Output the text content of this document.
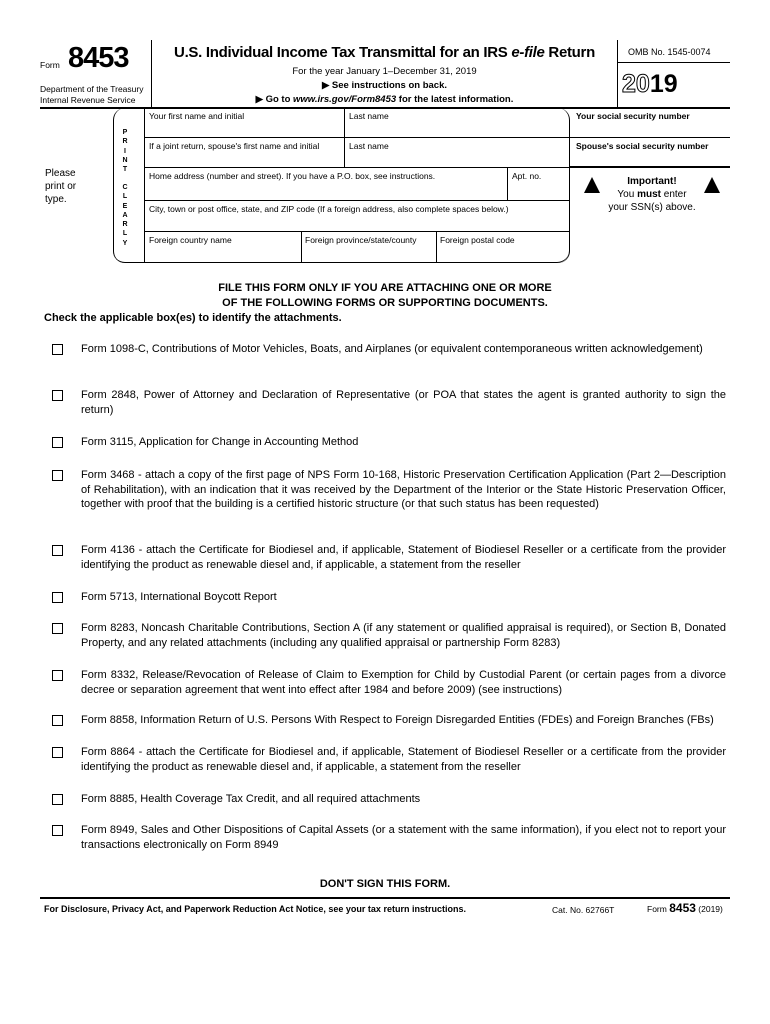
Form 8453
Department of the Treasury
Internal Revenue Service
U.S. Individual Income Tax Transmittal for an IRS e-file Return
For the year January 1–December 31, 2019
▶ See instructions on back.
▶ Go to www.irs.gov/Form8453 for the latest information.
OMB No. 1545-0074
2019
Please print or type.
P R I N T
C L E A R L Y
Your first name and initial	Last name
If a joint return, spouse's first name and initial	Last name
Home address (number and street). If you have a P.O. box, see instructions.	Apt. no.
City, town or post office, state, and ZIP code (If a foreign address, also complete spaces below.)
Foreign country name	Foreign province/state/county	Foreign postal code
Your social security number
Spouse's social security number
Important!
You must enter
your SSN(s) above.
FILE THIS FORM ONLY IF YOU ARE ATTACHING ONE OR MORE
OF THE FOLLOWING FORMS OR SUPPORTING DOCUMENTS.
Check the applicable box(es) to identify the attachments.
Form 1098-C, Contributions of Motor Vehicles, Boats, and Airplanes (or equivalent contemporaneous written acknowledgement)
Form 2848, Power of Attorney and Declaration of Representative (or POA that states the agent is granted authority to sign the return)
Form 3115, Application for Change in Accounting Method
Form 3468 - attach a copy of the first page of NPS Form 10-168, Historic Preservation Certification Application (Part 2—Description of Rehabilitation), with an indication that it was received by the Department of the Interior or the State Historic Preservation Officer, together with proof that the building is a certified historic structure (or that such status has been requested)
Form 4136 - attach the Certificate for Biodiesel and, if applicable, Statement of Biodiesel Reseller or a certificate from the provider identifying the product as renewable diesel and, if applicable, a statement from the reseller
Form 5713, International Boycott Report
Form 8283, Noncash Charitable Contributions, Section A (if any statement or qualified appraisal is required), or Section B, Donated Property, and any related attachments (including any qualified appraisal or partnership Form 8283)
Form 8332, Release/Revocation of Release of Claim to Exemption for Child by Custodial Parent (or certain pages from a divorce decree or separation agreement that went into effect after 1984 and before 2009) (see instructions)
Form 8858, Information Return of U.S. Persons With Respect to Foreign Disregarded Entities (FDEs) and Foreign Branches (FBs)
Form 8864 - attach the Certificate for Biodiesel and, if applicable, Statement of Biodiesel Reseller or a certificate from the provider identifying the product as renewable diesel and, if applicable, a statement from the reseller
Form 8885, Health Coverage Tax Credit, and all required attachments
Form 8949, Sales and Other Dispositions of Capital Assets (or a statement with the same information), if you elect not to report your transactions electronically on Form 8949
DON'T SIGN THIS FORM.
For Disclosure, Privacy Act, and Paperwork Reduction Act Notice, see your tax return instructions.	Cat. No. 62766T	Form 8453 (2019)
